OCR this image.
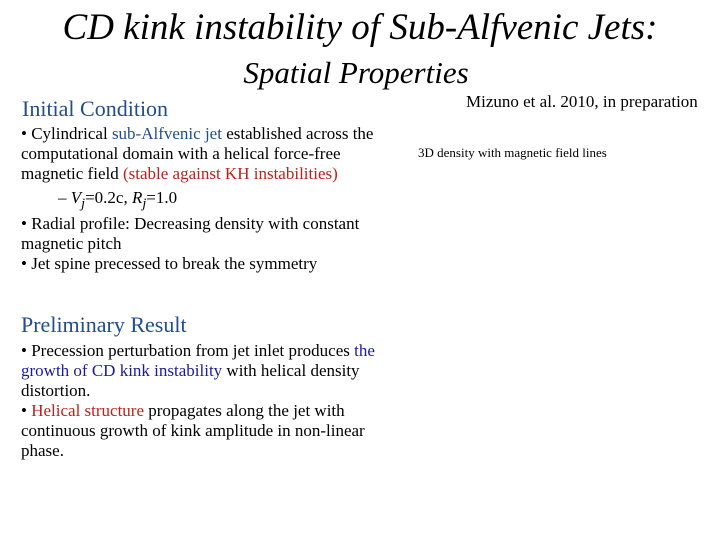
CD kink instability of Sub-Alfvenic Jets:
Spatial Properties
Mizuno et al. 2010, in preparation
3D density with magnetic field lines
Initial Condition

• Cylindrical sub-Alfvenic jet established across the computational domain with a helical force-free magnetic field (stable against KH instabilities)

– $V_j=0.2c$, $R_j=1.0$

• Radial profile: Decreasing density with constant magnetic pitch

• Jet spine precessed to break the symmetry

Preliminary Result

• Precession perturbation from jet inlet produces the growth of CD kink instability with helical density distortion.

• Helical structure propagates along the jet with continuous growth of kink amplitude in non-linear phase.
